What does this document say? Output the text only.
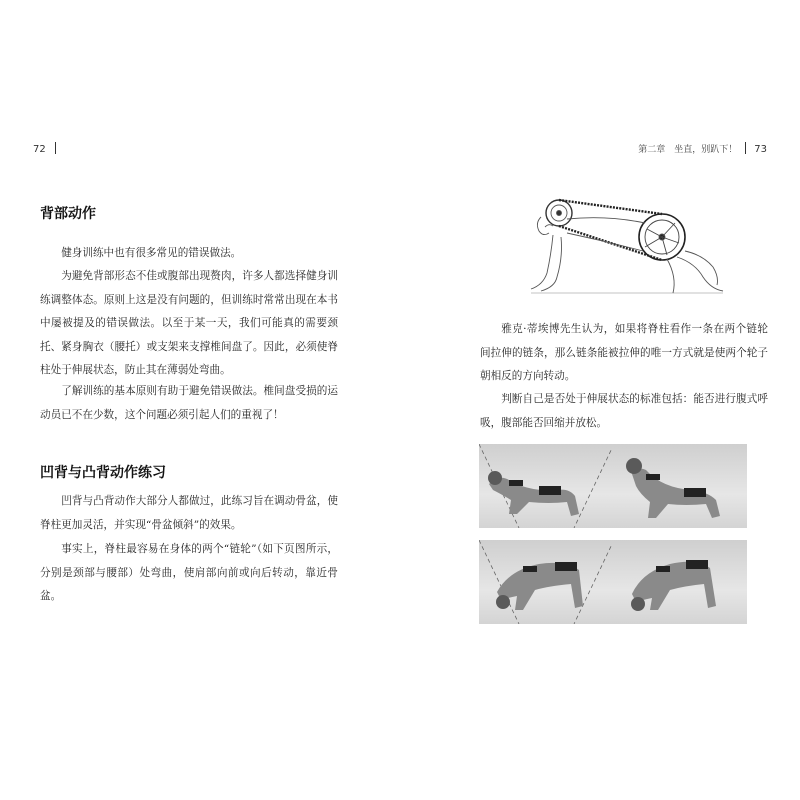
72
背部动作

健身训练中也有很多常见的错误做法。

为避免背部形态不佳或腹部出现赘肉，许多人都选择健身训练调整体态。原则上这是没有问题的，但训练时常常出现在本书中屡被提及的错误做法。以至于某一天，我们可能真的需要颈托、紧身胸衣（腰托）或支架来支撑椎间盘了。因此，必须使脊柱处于伸展状态，防止其在薄弱处弯曲。

了解训练的基本原则有助于避免错误做法。椎间盘受损的运动员已不在少数，这个问题必须引起人们的重视了！

凹背与凸背动作练习

凹背与凸背动作大部分人都做过，此练习旨在调动骨盆，使脊柱更加灵活，并实现“骨盆倾斜”的效果。

事实上，脊柱最容易在身体的两个“链轮”（如下页图所示，分别是颈部与腰部）处弯曲，使肩部向前或向后转动，靠近骨盆。

第二章　坐直，别趴下！ 73

雅克·蒂埃博先生认为，如果将脊柱看作一条在两个链轮间拉伸的链条，那么链条能被拉伸的唯一方式就是使两个轮子朝相反的方向转动。

判断自己是否处于伸展状态的标准包括：能否进行腹式呼吸，腹部能否回缩并放松。
